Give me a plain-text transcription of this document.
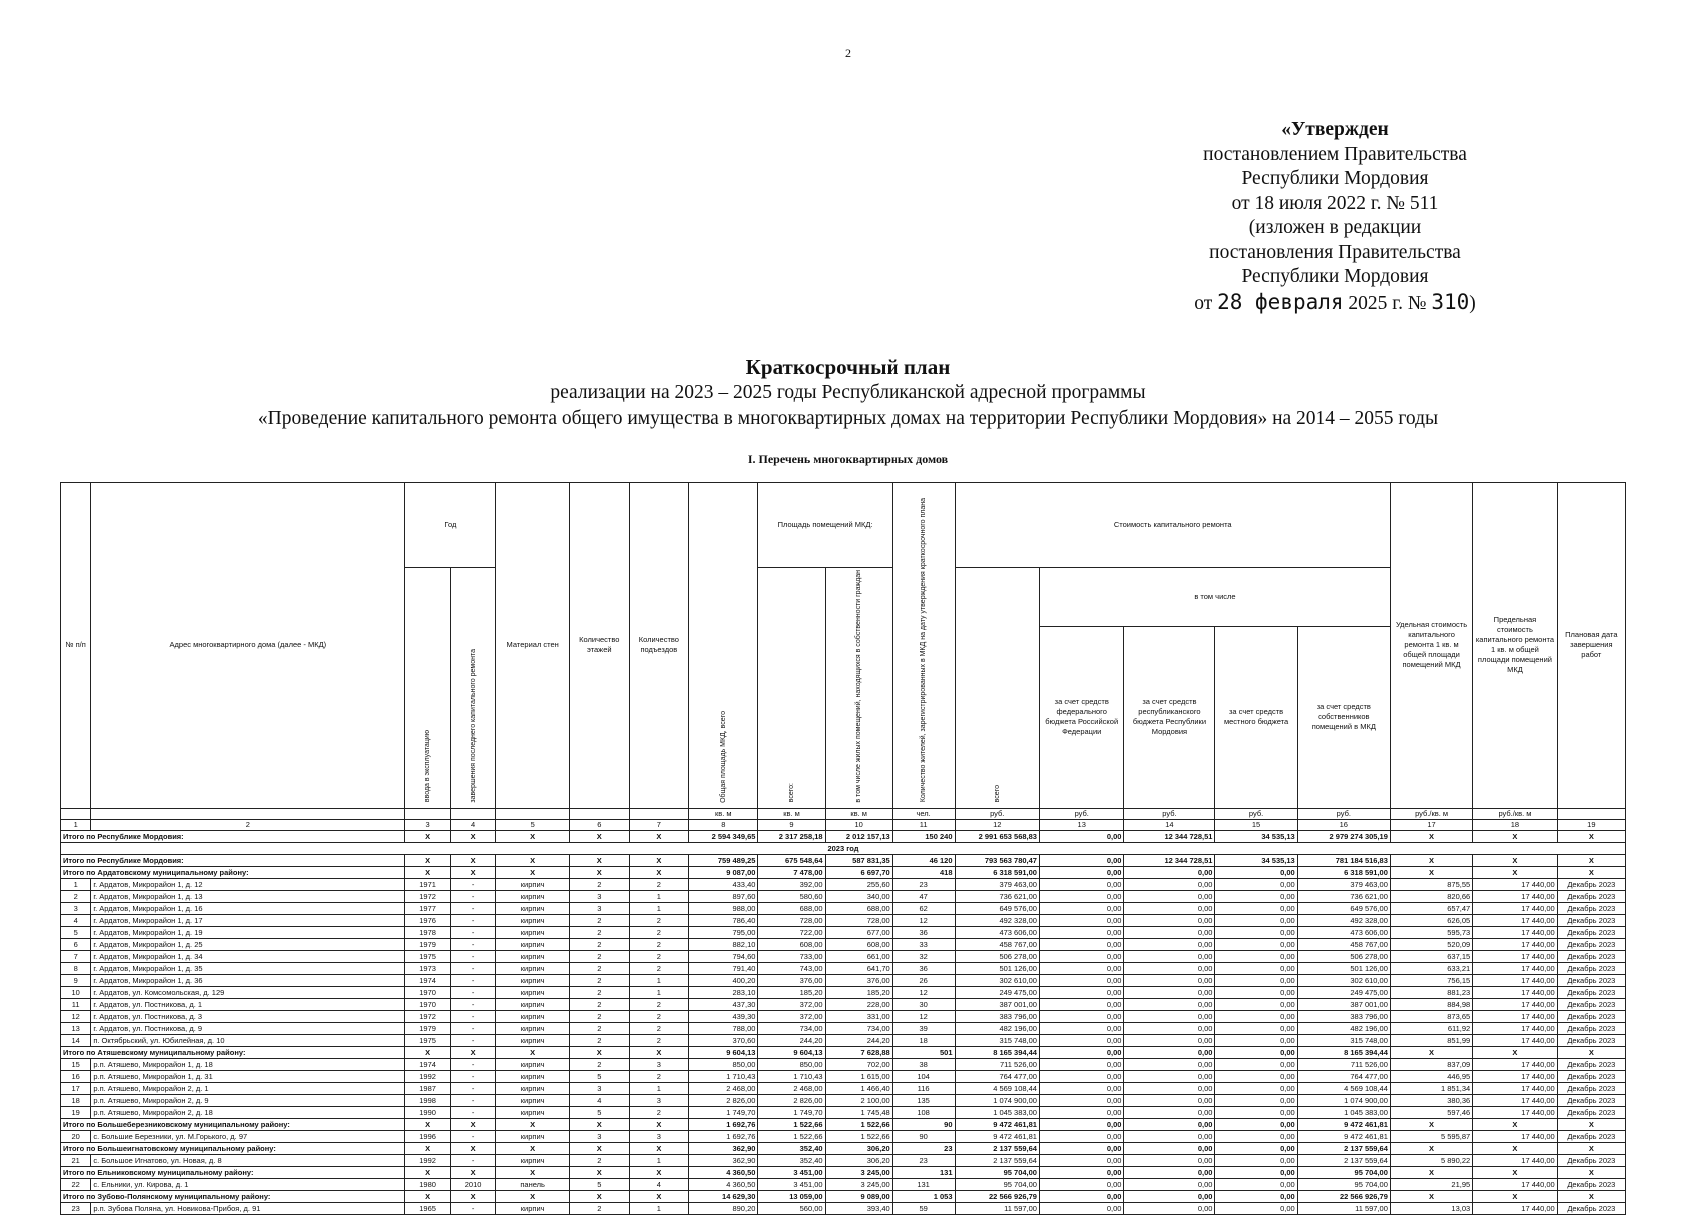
2
«Утвержден
постановлением Правительства
Республики Мордовия
от 18 июля 2022 г. № 511
(изложен в редакции
постановления Правительства
Республики Мордовия
от 28 февраля 2025 г. № 310)
Краткосрочный план
реализации на 2023 – 2025 годы Республиканской адресной программы
«Проведение капитального ремонта общего имущества в многоквартирных домах на территории Республики Мордовия» на 2014 – 2055 годы
I. Перечень многоквартирных домов
№ п/п	Адрес многоквартирного дома (далее - МКД)	Год		Материал стен	Количество этажей	Количество подъездов	Общая площадь МКД, всего	Площадь помещений МКД:		Количество жителей, зарегистрированных в МКД на дату утверждения краткосрочного плана	Стоимость капитального ремонта					Удельная стоимость капитального ремонта 1 кв. м общей площади помещений МКД	Предельная стоимость капитального ремонта 1 кв. м общей площади помещений МКД	Плановая дата завершения работ
		ввода в эксплуатацию	завершения последнего капитального ремонта					всего:	в том числе жилых помещений, находящихся в собственности граждан		всего	в том числе						
												за счет средств федерального бюджета Российской Федерации	за счет средств республиканского бюджета Республики Мордовия	за счет средств местного бюджета	за счет средств собственников помещений в МКД			
							кв. м	кв. м	кв. м	чел.	руб.	руб.	руб.	руб.	руб.	руб./кв. м	руб./кв. м	
1	2	3	4	5	6	7	8	9	10	11	12	13	14	15	16	17	18	19
Итого по Республике Мордовия:		X	X	X	X	X	2 594 349,65	2 317 258,18	2 012 157,13	150 240	2 991 653 568,83	0,00	12 344 728,51	34 535,13	2 979 274 305,19	X	X	X
2023 год																		
Итого по Республике Мордовия:		X	X	X	X	X	759 489,25	675 548,64	587 831,35	46 120	793 563 780,47	0,00	12 344 728,51	34 535,13	781 184 516,83	X	X	X
Итого по Ардатовскому муниципальному району:		X	X	X	X	X	9 087,00	7 478,00	6 697,70	418	6 318 591,00	0,00	0,00	0,00	6 318 591,00	X	X	X
1	г. Ардатов, Микрорайон 1, д. 12	1971	-	кирпич	2	2	433,40	392,00	255,60	23	379 463,00	0,00	0,00	0,00	379 463,00	875,55	17 440,00	Декабрь 2023
2	г. Ардатов, Микрорайон 1, д. 13	1972	-	кирпич	3	1	897,60	580,60	340,00	47	736 621,00	0,00	0,00	0,00	736 621,00	820,66	17 440,00	Декабрь 2023
3	г. Ардатов, Микрорайон 1, д. 16	1977	-	кирпич	3	1	988,00	688,00	688,00	62	649 576,00	0,00	0,00	0,00	649 576,00	657,47	17 440,00	Декабрь 2023
4	г. Ардатов, Микрорайон 1, д. 17	1976	-	кирпич	2	2	786,40	728,00	728,00	12	492 328,00	0,00	0,00	0,00	492 328,00	626,05	17 440,00	Декабрь 2023
5	г. Ардатов, Микрорайон 1, д. 19	1978	-	кирпич	2	2	795,00	722,00	677,00	36	473 606,00	0,00	0,00	0,00	473 606,00	595,73	17 440,00	Декабрь 2023
6	г. Ардатов, Микрорайон 1, д. 25	1979	-	кирпич	2	2	882,10	608,00	608,00	33	458 767,00	0,00	0,00	0,00	458 767,00	520,09	17 440,00	Декабрь 2023
7	г. Ардатов, Микрорайон 1, д. 34	1975	-	кирпич	2	2	794,60	733,00	661,00	32	506 278,00	0,00	0,00	0,00	506 278,00	637,15	17 440,00	Декабрь 2023
8	г. Ардатов, Микрорайон 1, д. 35	1973	-	кирпич	2	2	791,40	743,00	641,70	36	501 126,00	0,00	0,00	0,00	501 126,00	633,21	17 440,00	Декабрь 2023
9	г. Ардатов, Микрорайон 1, д. 36	1974	-	кирпич	2	1	400,20	376,00	376,00	26	302 610,00	0,00	0,00	0,00	302 610,00	756,15	17 440,00	Декабрь 2023
10	г. Ардатов, ул. Комсомольская, д. 129	1970	-	кирпич	2	1	283,10	185,20	185,20	12	249 475,00	0,00	0,00	0,00	249 475,00	881,23	17 440,00	Декабрь 2023
11	г. Ардатов, ул. Постникова, д. 1	1970	-	кирпич	2	2	437,30	372,00	228,00	30	387 001,00	0,00	0,00	0,00	387 001,00	884,98	17 440,00	Декабрь 2023
12	г. Ардатов, ул. Постникова, д. 3	1972	-	кирпич	2	2	439,30	372,00	331,00	12	383 796,00	0,00	0,00	0,00	383 796,00	873,65	17 440,00	Декабрь 2023
13	г. Ардатов, ул. Постникова, д. 9	1979	-	кирпич	2	2	788,00	734,00	734,00	39	482 196,00	0,00	0,00	0,00	482 196,00	611,92	17 440,00	Декабрь 2023
14	п. Октябрьский, ул. Юбилейная, д. 10	1975	-	кирпич	2	2	370,60	244,20	244,20	18	315 748,00	0,00	0,00	0,00	315 748,00	851,99	17 440,00	Декабрь 2023
Итого по Атяшевскому муниципальному району:		X	X	X	X	X	9 604,13	9 604,13	7 628,88	501	8 165 394,44	0,00	0,00	0,00	8 165 394,44	X	X	X
15	р.п. Атяшево, Микрорайон 1, д. 18	1974	-	кирпич	2	3	850,00	850,00	702,00	38	711 526,00	0,00	0,00	0,00	711 526,00	837,09	17 440,00	Декабрь 2023
16	р.п. Атяшево, Микрорайон 1, д. 31	1992	-	кирпич	5	2	1 710,43	1 710,43	1 615,00	104	764 477,00	0,00	0,00	0,00	764 477,00	446,95	17 440,00	Декабрь 2023
17	р.п. Атяшево, Микрорайон 2, д. 1	1987	-	кирпич	3	1	2 468,00	2 468,00	1 466,40	116	4 569 108,44	0,00	0,00	0,00	4 569 108,44	1 851,34	17 440,00	Декабрь 2023
18	р.п. Атяшево, Микрорайон 2, д. 9	1998	-	кирпич	4	3	2 826,00	2 826,00	2 100,00	135	1 074 900,00	0,00	0,00	0,00	1 074 900,00	380,36	17 440,00	Декабрь 2023
19	р.п. Атяшево, Микрорайон 2, д. 18	1990	-	кирпич	5	2	1 749,70	1 749,70	1 745,48	108	1 045 383,00	0,00	0,00	0,00	1 045 383,00	597,46	17 440,00	Декабрь 2023
Итого по Большеберезниковскому муниципальному району:		X	X	X	X	X	1 692,76	1 522,66	1 522,66	90	9 472 461,81	0,00	0,00	0,00	9 472 461,81	X	X	X
20	с. Большие Березники, ул. М.Горького, д. 97	1996	-	кирпич	3	3	1 692,76	1 522,66	1 522,66	90	9 472 461,81	0,00	0,00	0,00	9 472 461,81	5 595,87	17 440,00	Декабрь 2023
Итого по Большеигнатовскому муниципальному району:		X	X	X	X	X	362,90	352,40	306,20	23	2 137 559,64	0,00	0,00	0,00	2 137 559,64	X	X	X
21	с. Большое Игнатово, ул. Новая, д. 8	1992	-	кирпич	2	1	362,90	352,40	306,20	23	2 137 559,64	0,00	0,00	0,00	2 137 559,64	5 890,22	17 440,00	Декабрь 2023
Итого по Ельниковскому муниципальному району:		X	X	X	X	X	4 360,50	3 451,00	3 245,00	131	95 704,00	0,00	0,00	0,00	95 704,00	X	X	X
22	с. Ельники, ул. Кирова, д. 1	1980	2010	панель	5	4	4 360,50	3 451,00	3 245,00	131	95 704,00	0,00	0,00	0,00	95 704,00	21,95	17 440,00	Декабрь 2023
Итого по Зубово-Полянскому муниципальному району:		X	X	X	X	X	14 629,30	13 059,00	9 089,00	1 053	22 566 926,79	0,00	0,00	0,00	22 566 926,79	X	X	X
23	р.п. Зубова Поляна, ул. Новикова-Прибоя, д. 91	1965	-	кирпич	2	1	890,20	560,00	393,40	59	11 597,00	0,00	0,00	0,00	11 597,00	13,03	17 440,00	Декабрь 2023
